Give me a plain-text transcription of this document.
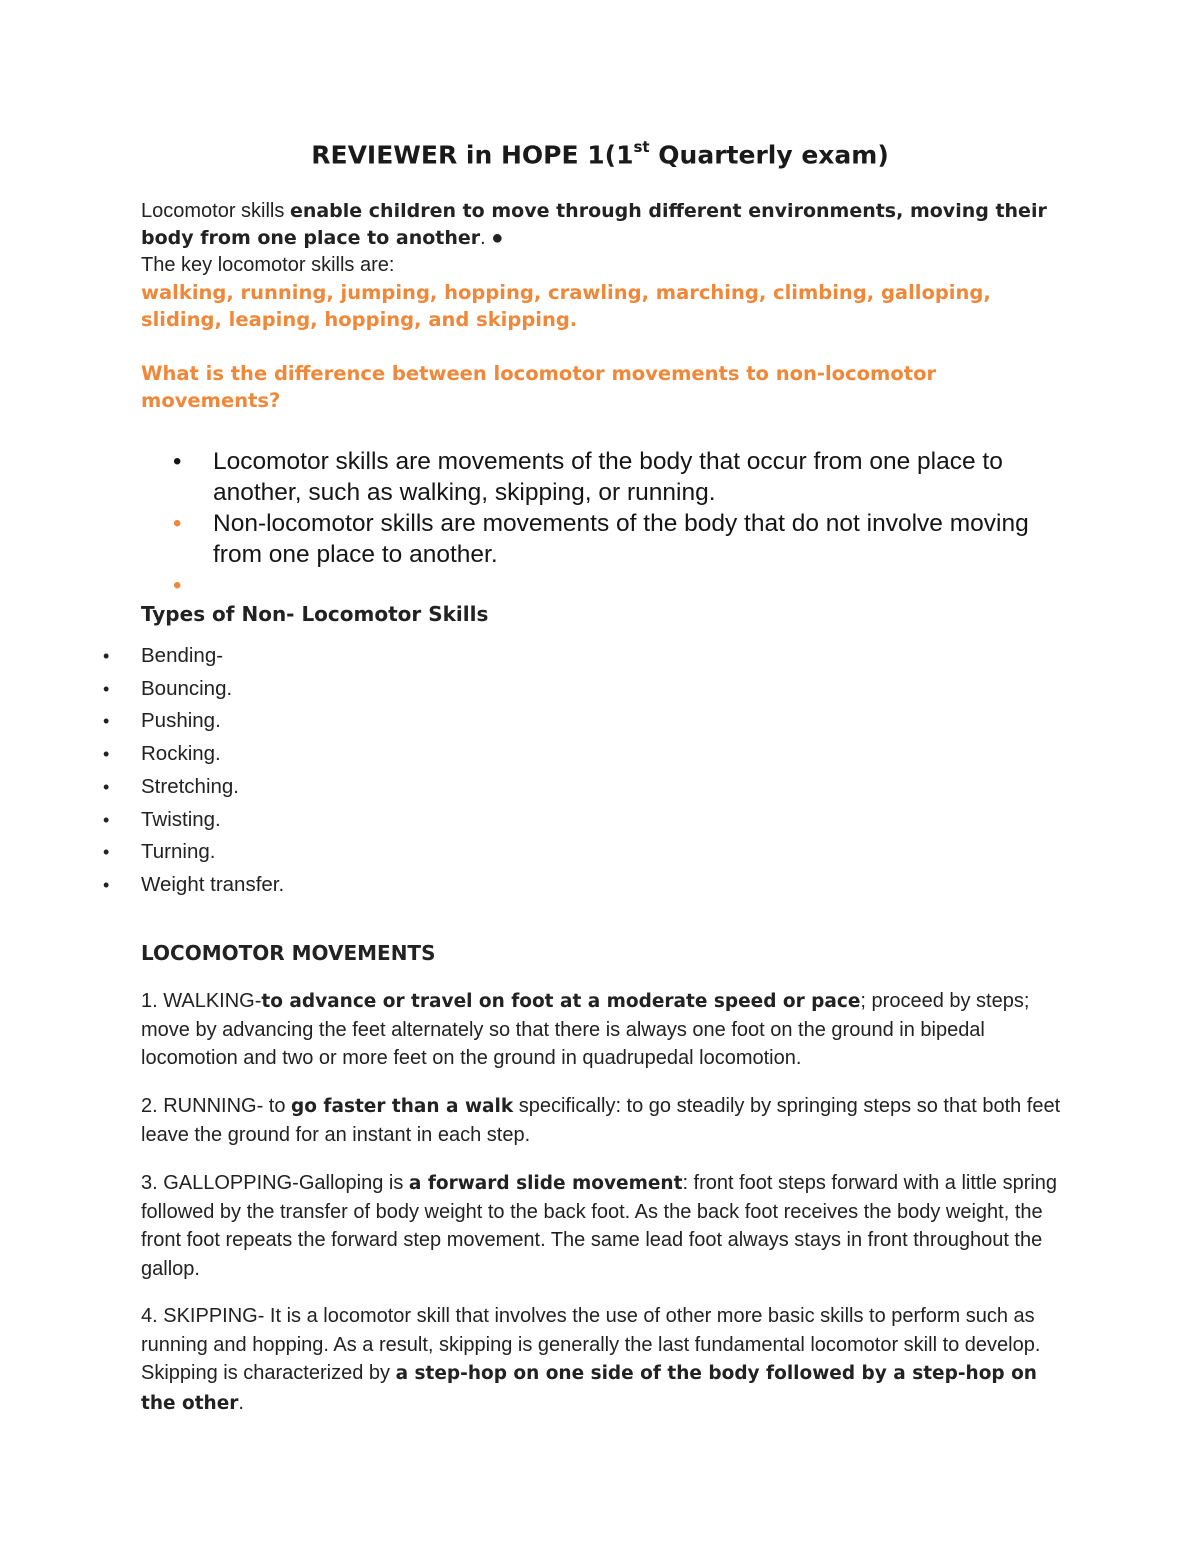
REVIEWER in HOPE 1(1st Quarterly exam)

Locomotor skills enable children to move through different environments, moving their body from one place to another. ●
The key locomotor skills are:

walking, running, jumping, hopping, crawling, marching, climbing, galloping, sliding, leaping, hopping, and skipping.

What is the difference between locomotor movements to non-locomotor movements?

• Locomotor skills are movements of the body that occur from one place to another, such as walking, skipping, or running.
• Non-locomotor skills are movements of the body that do not involve moving from one place to another.
•

Types of Non- Locomotor Skills

• Bending-
• Bouncing.
• Pushing.
• Rocking.
• Stretching.
• Twisting.
• Turning.
• Weight transfer.

LOCOMOTOR MOVEMENTS

1. WALKING-to advance or travel on foot at a moderate speed or pace; proceed by steps; move by advancing the feet alternately so that there is always one foot on the ground in bipedal locomotion and two or more feet on the ground in quadrupedal locomotion.

2. RUNNING- to go faster than a walk specifically: to go steadily by springing steps so that both feet leave the ground for an instant in each step.

3. GALLOPPING-Galloping is a forward slide movement: front foot steps forward with a little spring followed by the transfer of body weight to the back foot. As the back foot receives the body weight, the front foot repeats the forward step movement. The same lead foot always stays in front throughout the gallop.

4. SKIPPING- It is a locomotor skill that involves the use of other more basic skills to perform such as running and hopping. As a result, skipping is generally the last fundamental locomotor skill to develop. Skipping is characterized by a step-hop on one side of the body followed by a step-hop on the other.
